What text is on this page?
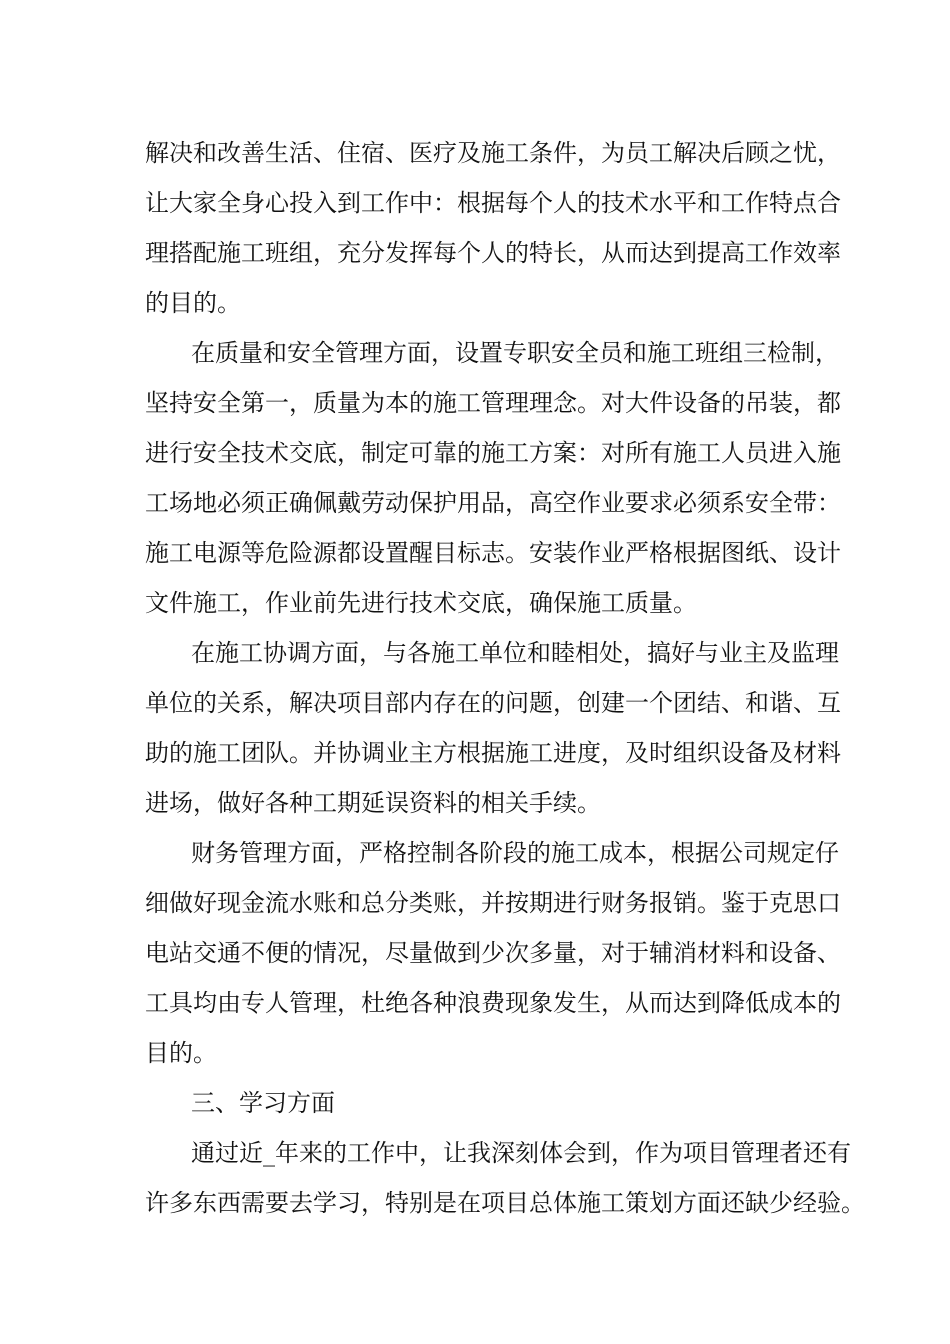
解决和改善生活、住宿、医疗及施工条件，为员工解决后顾之忧，
让大家全身心投入到工作中：根据每个人的技术水平和工作特点合
理搭配施工班组，充分发挥每个人的特长，从而达到提高工作效率
的目的。
在质量和安全管理方面，设置专职安全员和施工班组三检制，
坚持安全第一，质量为本的施工管理理念。对大件设备的吊装，都
进行安全技术交底，制定可靠的施工方案：对所有施工人员进入施
工场地必须正确佩戴劳动保护用品，高空作业要求必须系安全带：
施工电源等危险源都设置醒目标志。安装作业严格根据图纸、设计
文件施工，作业前先进行技术交底，确保施工质量。
在施工协调方面，与各施工单位和睦相处，搞好与业主及监理
单位的关系，解决项目部内存在的问题，创建一个团结、和谐、互
助的施工团队。并协调业主方根据施工进度，及时组织设备及材料
进场，做好各种工期延误资料的相关手续。
财务管理方面，严格控制各阶段的施工成本，根据公司规定仔
细做好现金流水账和总分类账，并按期进行财务报销。鉴于克思口
电站交通不便的情况，尽量做到少次多量，对于辅消材料和设备、
工具均由专人管理，杜绝各种浪费现象发生，从而达到降低成本的
目的。
三、学习方面
通过近_年来的工作中，让我深刻体会到，作为项目管理者还有
许多东西需要去学习，特别是在项目总体施工策划方面还缺少经验。
